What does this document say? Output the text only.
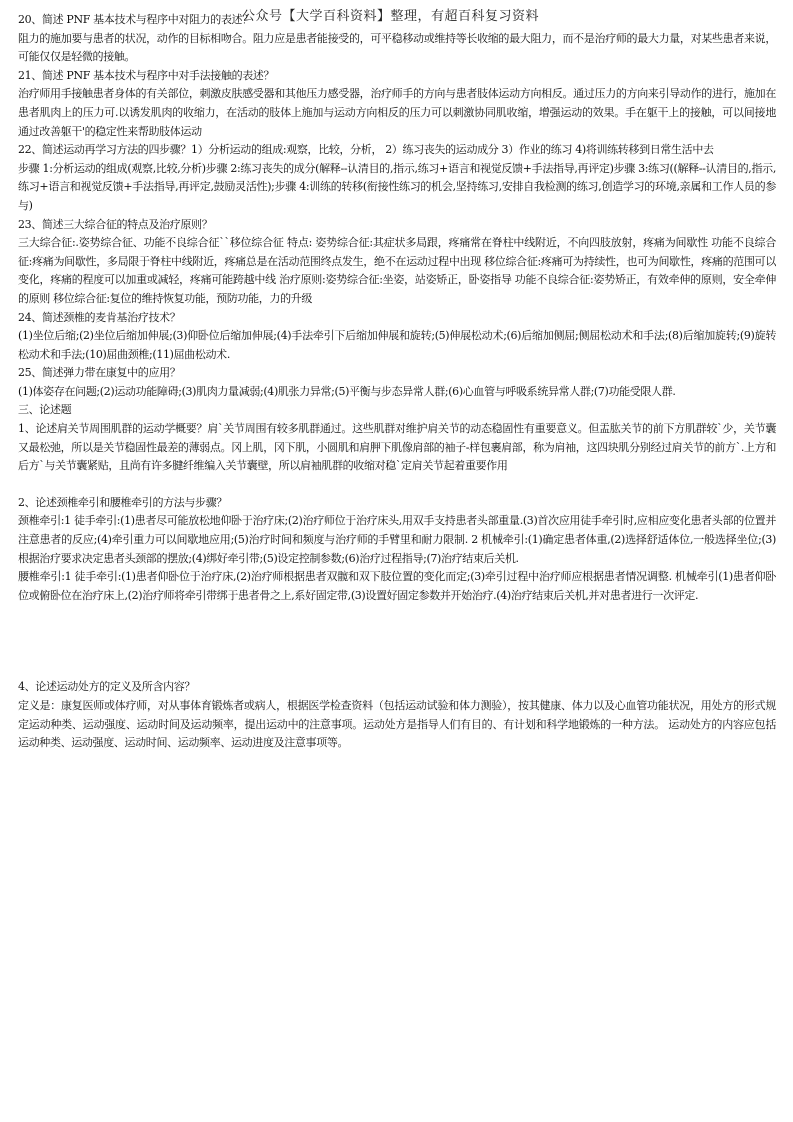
公众号【大学百科资料】整理，有超百科复习资料

20、简述 PNF 基本技术与程序中对阻力的表述？

阻力的施加要与患者的状况，动作的目标相吻合。阻力应是患者能接受的，可平稳移动或维持等长收缩的最大阻力，而不是治疗师的最大力量，对某些患者来说，可能仅仅是轻微的接触。

21、简述 PNF 基本技术与程序中对手法接触的表述？

治疗师用手接触患者身体的有关部位，刺激皮肤感受器和其他压力感受器，治疗师手的方向与患者肢体运动方向相反。通过压力的方向来引导动作的进行，施加在患者肌肉上的压力可.以诱发肌肉的收缩力，在活动的肢体上施加与运动方向相反的压力可以刺激协同肌收缩，增强运动的效果。手在躯干上的接触，可以间接地通过改善躯干'的稳定性来帮助肢体运动

22、简述运动再学习方法的四步骤？1）分析运动的组成:观察，比较，分析， 2）练习丧失的运动成分 3）作业的练习 4)将训练转移到日常生活中去

步骤 1:分析运动的组成(观察,比较,分析)步骤 2:练习丧失的成分(解释--认清目的,指示,练习+语言和视觉反馈+手法指导,再评定)步骤 3:练习((解释--认清目的,指示,练习+语言和视觉反馈+手法指导,再评定,鼓励灵活性);步骤 4:训练的转移(衔接性练习的机会,坚持练习,安排自我检测的练习,创造学习的环境,亲属和工作人员的参与)

23、简述三大综合征的特点及治疗原则？

三大综合征:.姿势综合征、功能不良综合征``移位综合征 特点: 姿势综合征:其症状多局跟，疼痛常在脊柱中线附近，不向四肢放射，疼痛为间歇性 功能不良综合征:疼痛为间歇性，多局限于脊柱中线附近，疼痛总是在活动范围终点发生，绝不在运动过程中出现 移位综合征:疼痛可为持续性，也可为间歇性，疼痛的范围可以变化，疼痛的程度可以加重或减轻，疼痛可能跨越中线 治疗原则:姿势综合征:坐姿，站姿矫正，卧姿指导 功能不良综合征:姿势矫正，有效牵伸的原则，安全牵伸的原则 移位综合征:复位的维持恢复功能，预防功能，力的升级

24、简述颈椎的麦肯基治疗技术？

(1)坐位后缩;(2)坐位后缩加伸展;(3)仰卧位后缩加伸展;(4)手法牵引下后缩加伸展和旋转;(5)伸展松动术;(6)后缩加侧屈;侧屈松动术和手法;(8)后缩加旋转;(9)旋转松动术和手法;(10)屈曲颈椎;(11)屈曲松动术.

25、简述弹力带在康复中的应用？

(1)体姿存在问题;(2)运动功能障碍;(3)肌肉力量减弱;(4)肌张力异常;(5)平衡与步态异常人群;(6)心血管与呼吸系统异常人群;(7)功能受限人群.

三、论述题

1、论述肩关节周围肌群的运动学概要？肩`关节周围有较多肌群通过。这些肌群对维护肩关节的动态稳固性有重要意义。但盂肱关节的前下方肌群较`少，关节囊又最松弛，所以是关节稳固性最差的薄弱点。冈上肌，冈下肌，小圆肌和肩胛下肌像肩部的袖子-样包裹肩部，称为肩袖，这四块肌分别经过肩关节的前方`.上方和后方`与关节囊紧贴，且尚有许多腱纤维编入关节囊壁，所以肩袖肌群的收缩对稳`定肩关节起着重要作用

2、论述颈椎牵引和腰椎牵引的方法与步骤？

颈椎牵引:1 徒手牵引:(1)患者尽可能放松地仰卧于治疗床;(2)治疗师位于治疗床头,用双手支持患者头部重量.(3)首次应用徒手牵引时,应相应变化患者头部的位置并注意患者的反应;(4)牵引重力可以间歇地应用;(5)治疗时间和频度与治疗师的手臂里和耐力限制. 2 机械牵引:(1)确定患者体重,(2)选择舒适体位,一般选择坐位;(3)根据治疗要求决定患者头颈部的摆放;(4)绑好牵引带;(5)设定控制参数;(6)治疗过程指导;(7)治疗结束后关机.

腰椎牵引:1 徒手牵引:(1)患者仰卧位于治疗床,(2)治疗师根据患者双髋和双下肢位置的变化而定;(3)牵引过程中治疗师应根据患者情况调整. 机械牵引(1)患者仰卧位或俯卧位在治疗床上,(2)治疗师将牵引带绑于患者骨之上,系好固定带,(3)设置好固定参数并开始治疗.(4)治疗结束后关机,并对患者进行一次评定.

4、论述运动处方的定义及所含内容？

定义是：康复医师或体疗师，对从事体育锻炼者或病人，根据医学检查资料（包括运动试验和体力测验），按其健康、体力以及心血管功能状况，用处方的形式规定运动种类、运动强度、运动时间及运动频率，提出运动中的注意事项。运动处方是指导人们有目的、有计划和科学地锻炼的一种方法。 运动处方的内容应包括运动种类、运动强度、运动时间、运动频率、运动进度及注意事项等。
